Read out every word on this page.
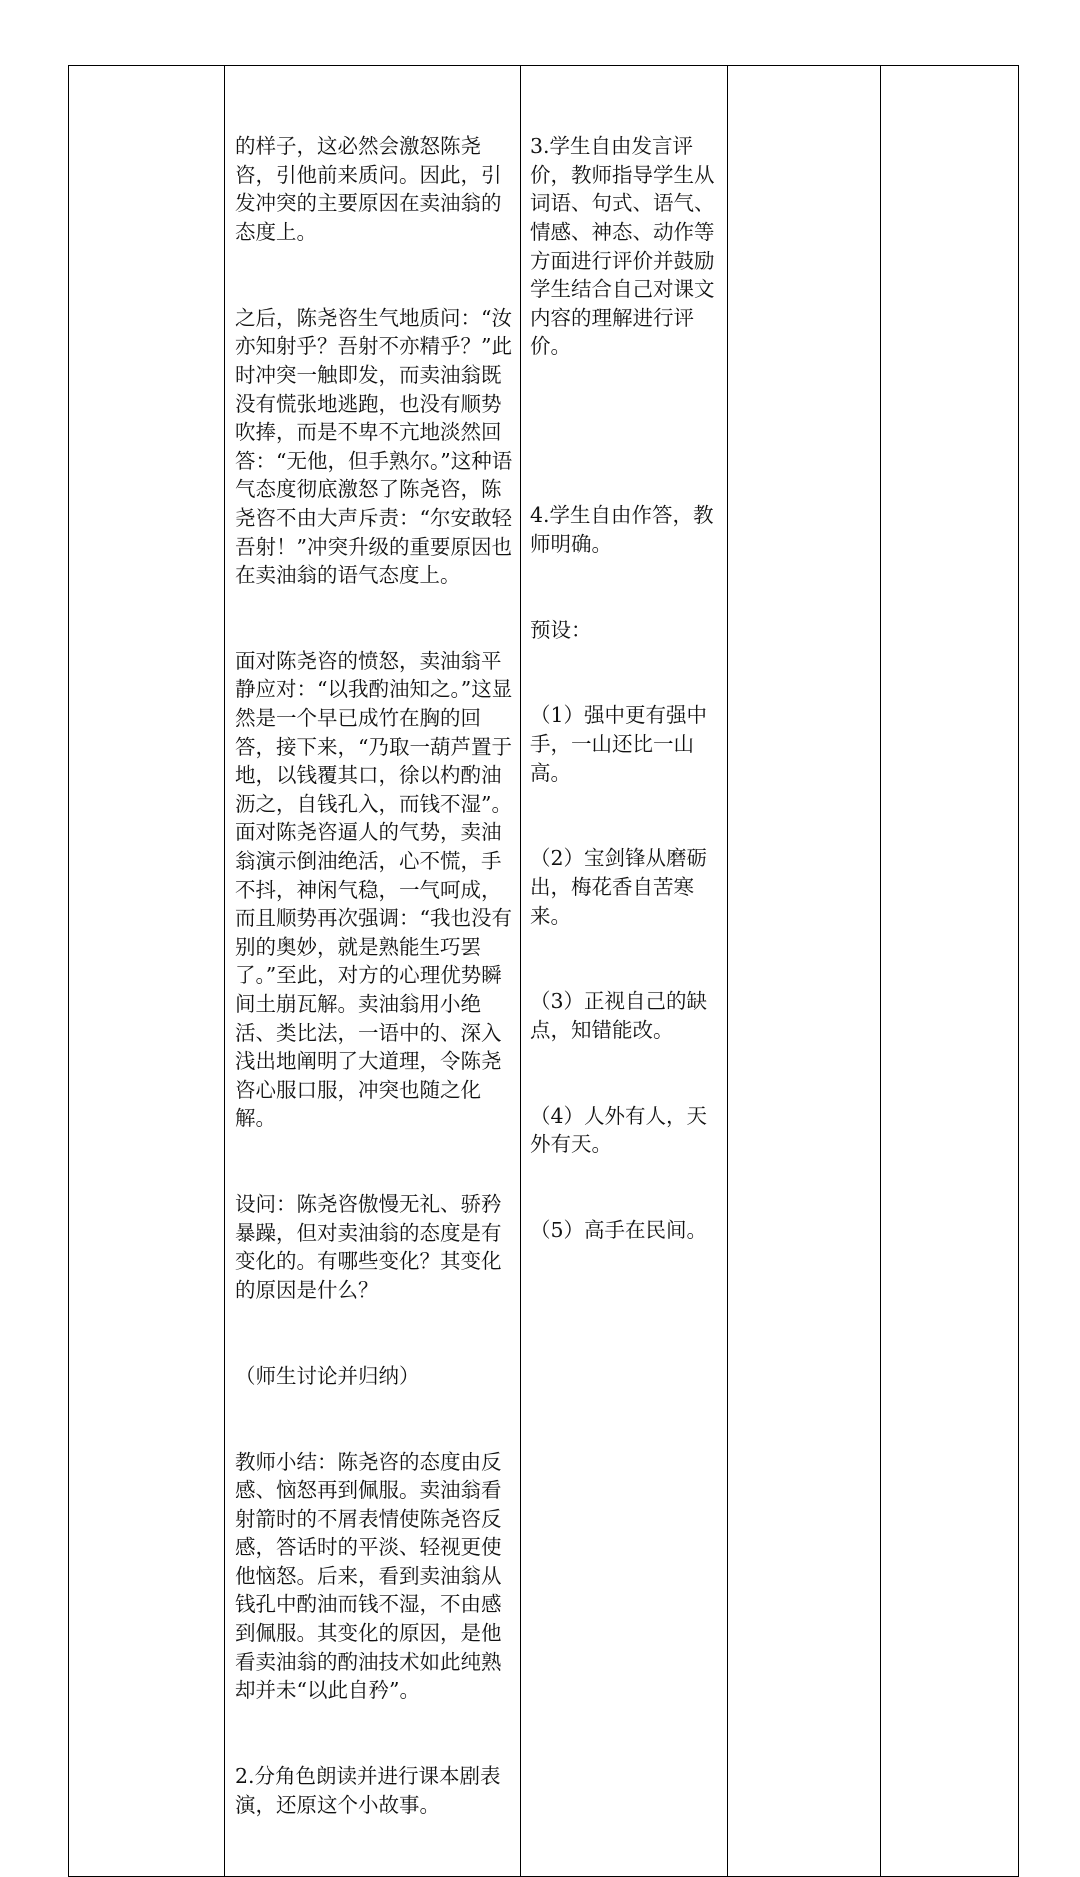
的样子，这必然会激怒陈尧咨，引他前来质问。因此，引发冲突的主要原因在卖油翁的态度上。

之后，陈尧咨生气地质问：“汝亦知射乎？吾射不亦精乎？”此时冲突一触即发，而卖油翁既没有慌张地逃跑，也没有顺势吹捧，而是不卑不亢地淡然回答：“无他，但手熟尔。”这种语气态度彻底激怒了陈尧咨，陈尧咨不由大声斥责：“尔安敢轻吾射！”冲突升级的重要原因也在卖油翁的语气态度上。

面对陈尧咨的愤怒，卖油翁平静应对：“以我酌油知之。”这显然是一个早已成竹在胸的回答，接下来，“乃取一葫芦置于地，以钱覆其口，徐以杓酌油沥之，自钱孔入，而钱不湿”。面对陈尧咨逼人的气势，卖油翁演示倒油绝活，心不慌，手不抖，神闲气稳，一气呵成，而且顺势再次强调：“我也没有别的奥妙，就是熟能生巧罢了。”至此，对方的心理优势瞬间土崩瓦解。卖油翁用小绝活、类比法，一语中的、深入浅出地阐明了大道理，令陈尧咨心服口服，冲突也随之化解。

设问：陈尧咨傲慢无礼、骄矜暴躁，但对卖油翁的态度是有变化的。有哪些变化？其变化的原因是什么？

（师生讨论并归纳）

教师小结：陈尧咨的态度由反感、恼怒再到佩服。卖油翁看射箭时的不屑表情使陈尧咨反感，答话时的平淡、轻视更使他恼怒。后来，看到卖油翁从钱孔中酌油而钱不湿，不由感到佩服。其变化的原因，是他看卖油翁的酌油技术如此纯熟却并未“以此自矜”。

2.分角色朗读并进行课本剧表演，还原这个小故事。

3.学生自由发言评价，教师指导学生从词语、句式、语气、情感、神态、动作等方面进行评价并鼓励学生结合自己对课文内容的理解进行评价。

4.学生自由作答，教师明确。

预设：

（1）强中更有强中手，一山还比一山高。

（2）宝剑锋从磨砺出，梅花香自苦寒来。

（3）正视自己的缺点，知错能改。

（4）人外有人，天外有天。

（5）高手在民间。
